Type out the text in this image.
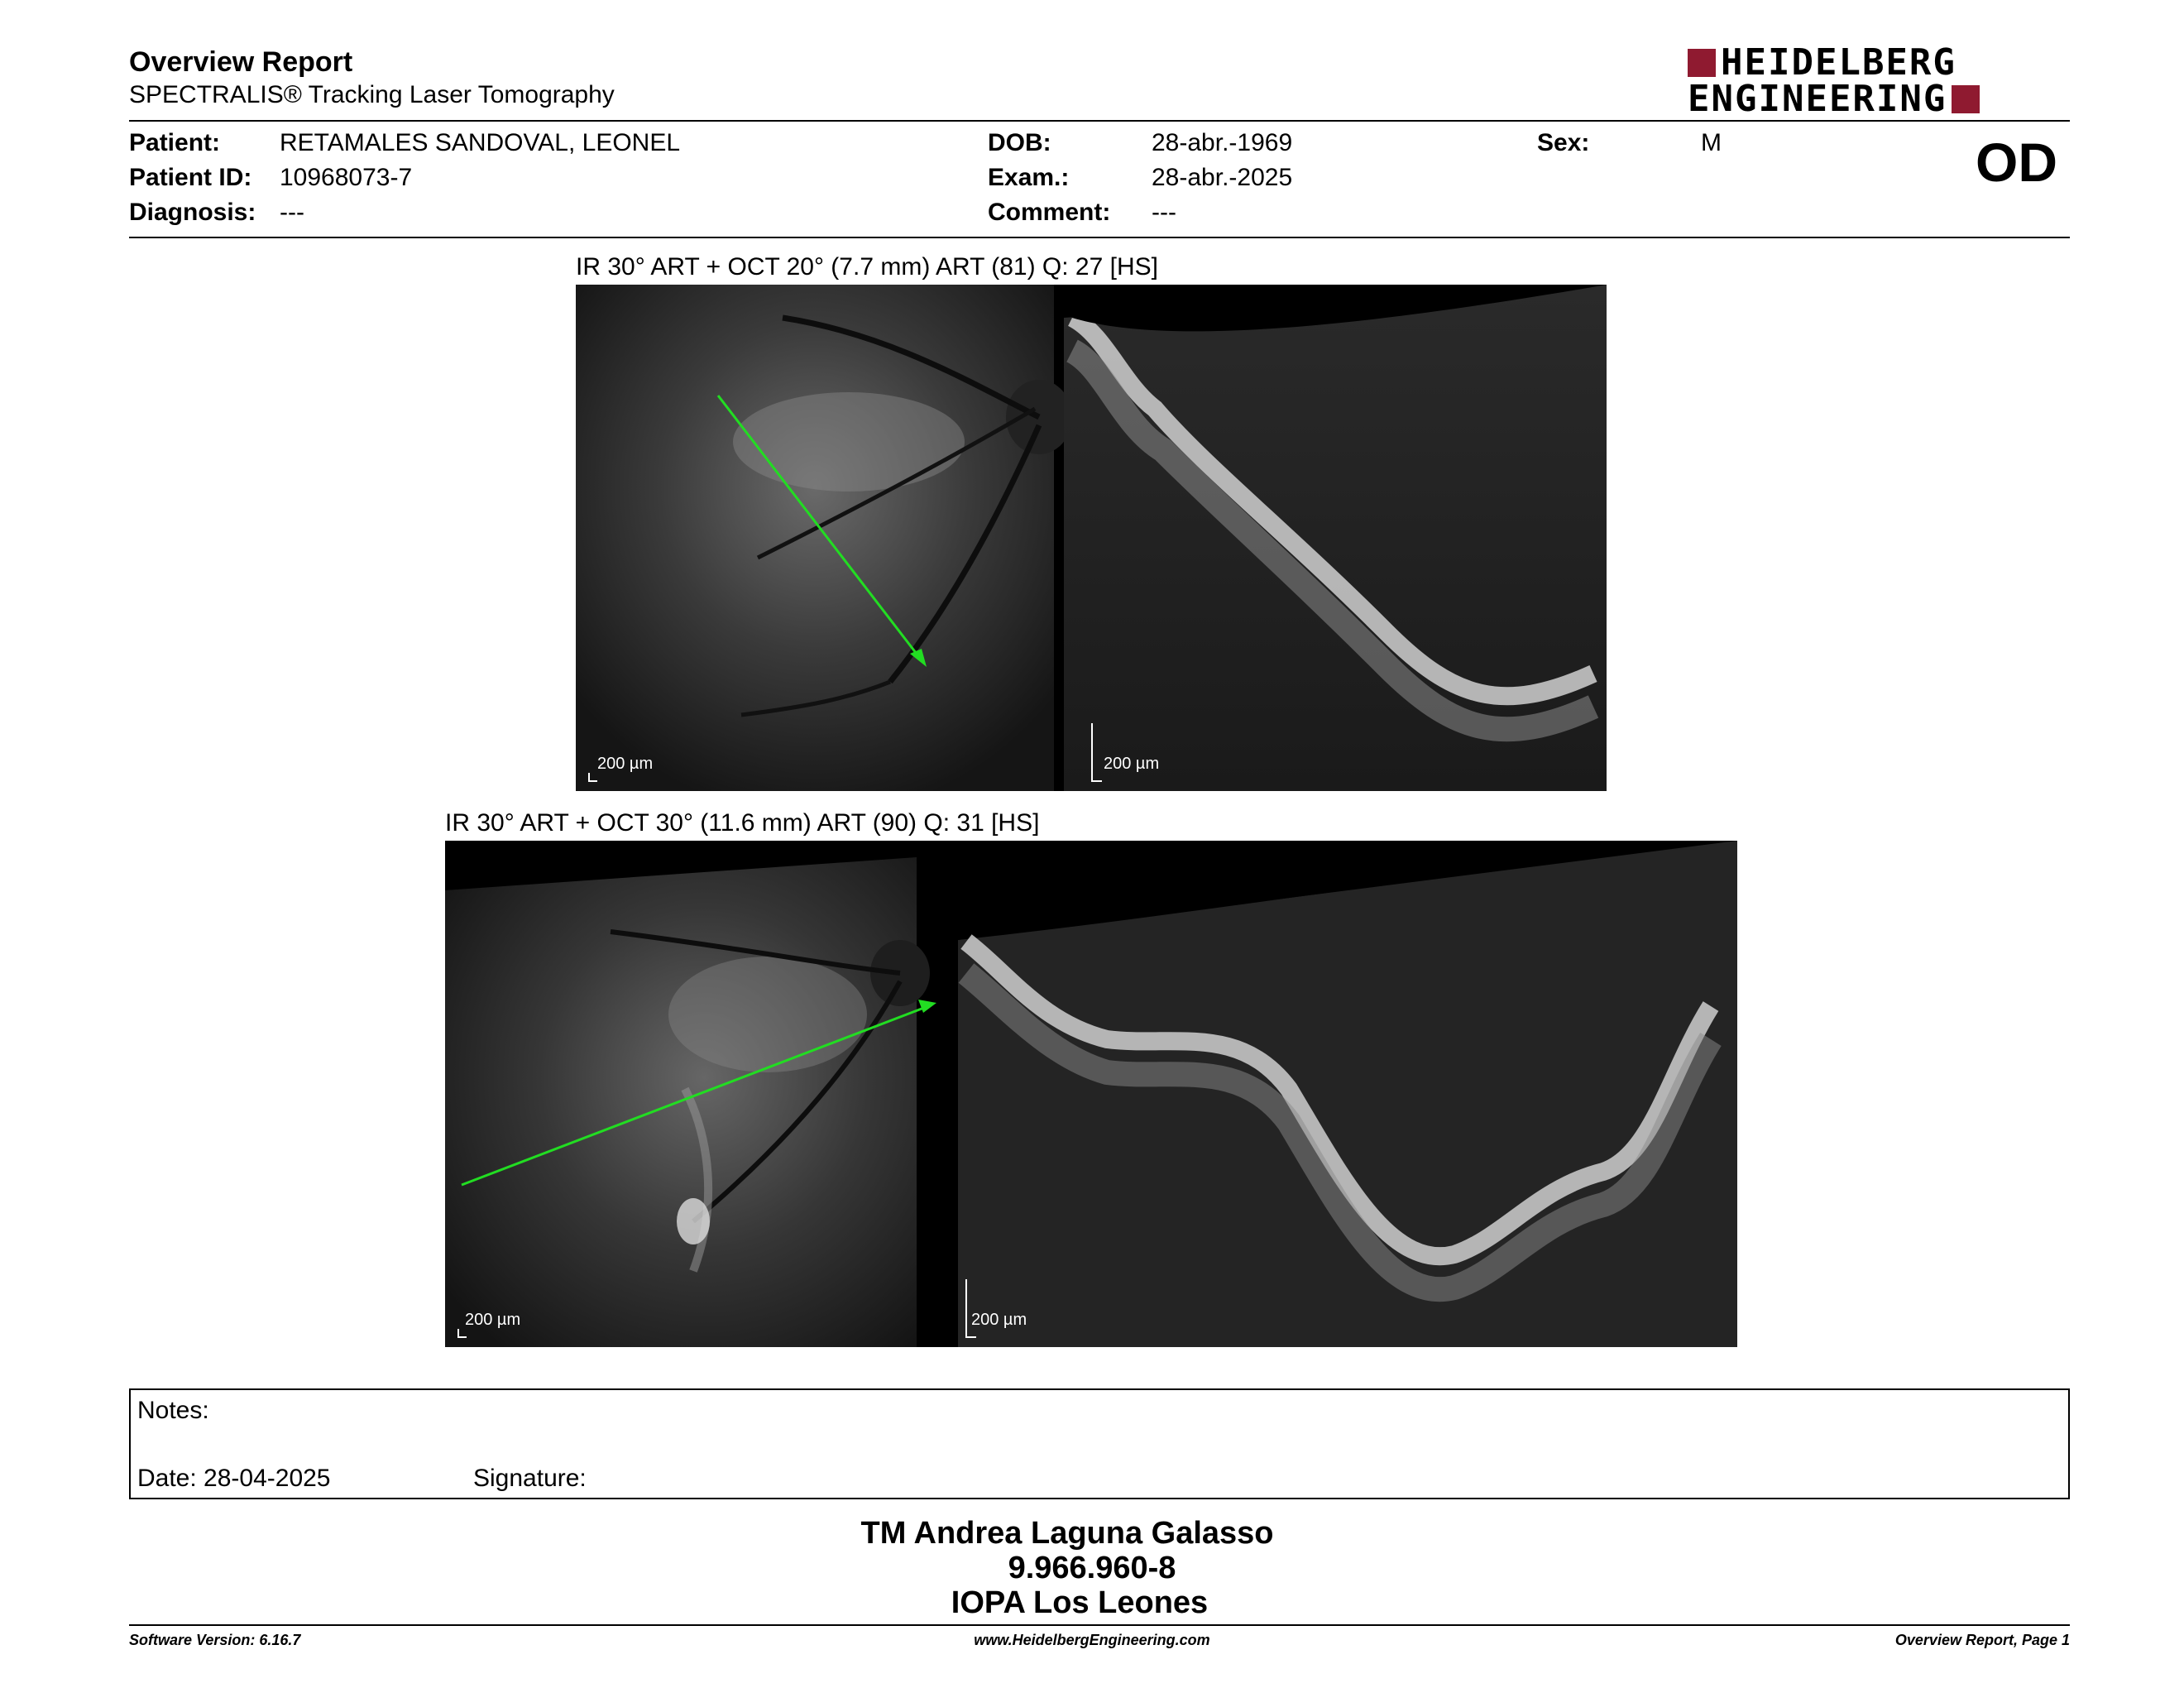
Overview Report
SPECTRALIS® Tracking Laser Tomography
HEIDELBERG
ENGINEERING
Patient: RETAMALES SANDOVAL, LEONEL
Patient ID: 10968073-7
Diagnosis: ---
DOB:	28-abr.-1969
Exam.:	28-abr.-2025
Comment: ---
Sex:	M	OD
IR 30° ART + OCT 20° (7.7 mm) ART (81) Q: 27 [HS]
200 µm	200 µm
IR 30° ART + OCT 30° (11.6 mm) ART (90) Q: 31 [HS]
200 µm	200 µm
Notes:
Date: 28-04-2025	Signature:
TM Andrea Laguna Galasso
9.966.960-8
IOPA Los Leones
Software Version: 6.16.7	www.HeidelbergEngineering.com	Overview Report, Page 1
